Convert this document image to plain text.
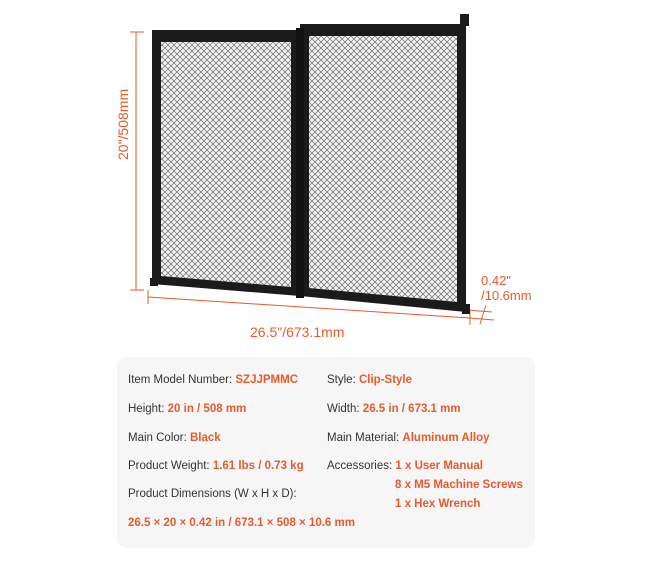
20"/508mm
26.5"/673.1mm
0.42"
/10.6mm
Item Model Number: SZJJPMMC	Style: Clip-Style
Height: 20 in / 508 mm	Width: 26.5 in / 673.1 mm
Main Color: Black	Main Material: Aluminum Alloy
Product Weight: 1.61 lbs / 0.73 kg Accessories: 1 x User Manual
8 x M5 Machine Screws
1 x Hex Wrench
Product Dimensions (W x H x D):
26.5 × 20 × 0.42 in / 673.1 × 508 × 10.6 mm
